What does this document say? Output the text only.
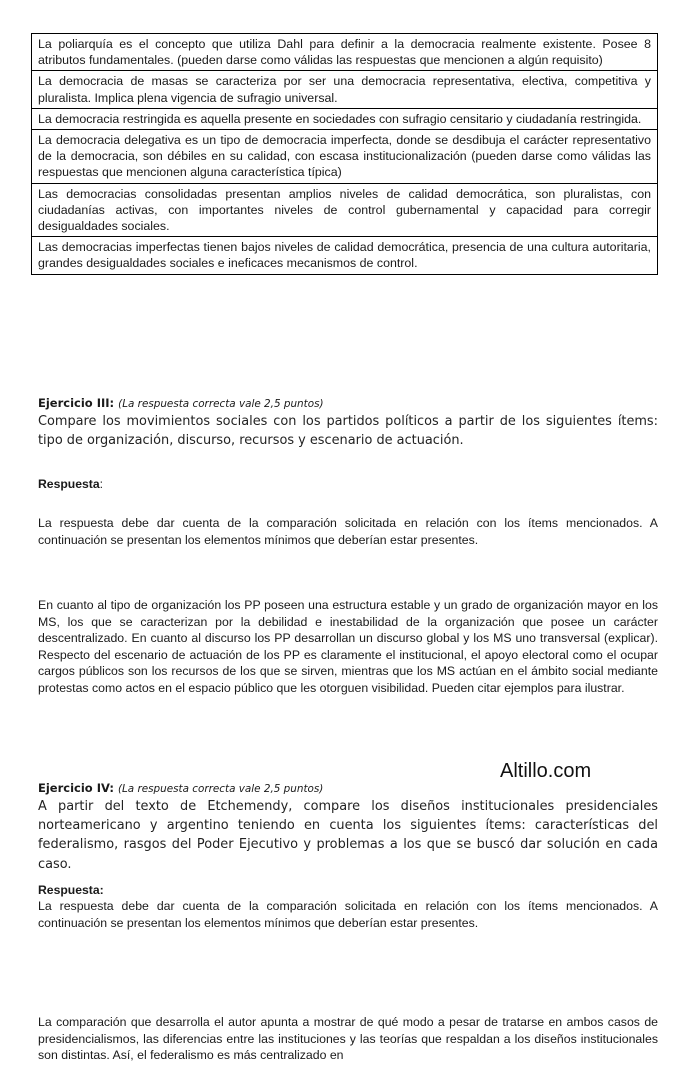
La poliarquía es el concepto que utiliza Dahl para definir a la democracia realmente existente. Posee 8 atributos fundamentales. (pueden darse como válidas las respuestas que mencionen a algún requisito)
La democracia de masas se caracteriza por ser una democracia representativa, electiva, competitiva y pluralista. Implica plena vigencia de sufragio universal.
La democracia restringida es aquella presente en sociedades con sufragio censitario y ciudadanía restringida.
La democracia delegativa es un tipo de democracia imperfecta, donde se desdibuja el carácter representativo de la democracia, son débiles en su calidad, con escasa institucionalización (pueden darse como válidas las respuestas que mencionen alguna característica típica)
Las democracias consolidadas presentan amplios niveles de calidad democrática, son pluralistas, con ciudadanías activas, con importantes niveles de control gubernamental y capacidad para corregir desigualdades sociales.
Las democracias imperfectas tienen bajos niveles de calidad democrática, presencia de una cultura autoritaria, grandes desigualdades sociales e ineficaces mecanismos de control.
Ejercicio III: (La respuesta correcta vale 2,5 puntos)
Compare los movimientos sociales con los partidos políticos a partir de los siguientes ítems: tipo de organización, discurso, recursos y escenario de actuación.
Respuesta:
La respuesta debe dar cuenta de la comparación solicitada en relación con los ítems mencionados. A continuación se presentan los elementos mínimos que deberían estar presentes.
En cuanto al tipo de organización los PP poseen una estructura estable y un grado de organización mayor en los MS, los que se caracterizan por la debilidad e inestabilidad de la organización que posee un carácter descentralizado. En cuanto al discurso los PP desarrollan un discurso global y los MS uno transversal (explicar). Respecto del escenario de actuación de los PP es claramente el institucional, el apoyo electoral como el ocupar cargos públicos son los recursos de los que se sirven, mientras que los MS actúan en el ámbito social mediante protestas como actos en el espacio público que les otorguen visibilidad. Pueden citar ejemplos para ilustrar.
Altillo.com
Ejercicio IV: (La respuesta correcta vale 2,5 puntos)
A partir del texto de Etchemendy, compare los diseños institucionales presidenciales norteamericano y argentino teniendo en cuenta los siguientes ítems: características del federalismo, rasgos del Poder Ejecutivo y problemas a los que se buscó dar solución en cada caso.
Respuesta:
La respuesta debe dar cuenta de la comparación solicitada en relación con los ítems mencionados. A continuación se presentan los elementos mínimos que deberían estar presentes.
La comparación que desarrolla el autor apunta a mostrar de qué modo a pesar de tratarse en ambos casos de presidencialismos, las diferencias entre las instituciones y las teorías que respaldan a los diseños institucionales son distintas. Así, el federalismo es más centralizado en
